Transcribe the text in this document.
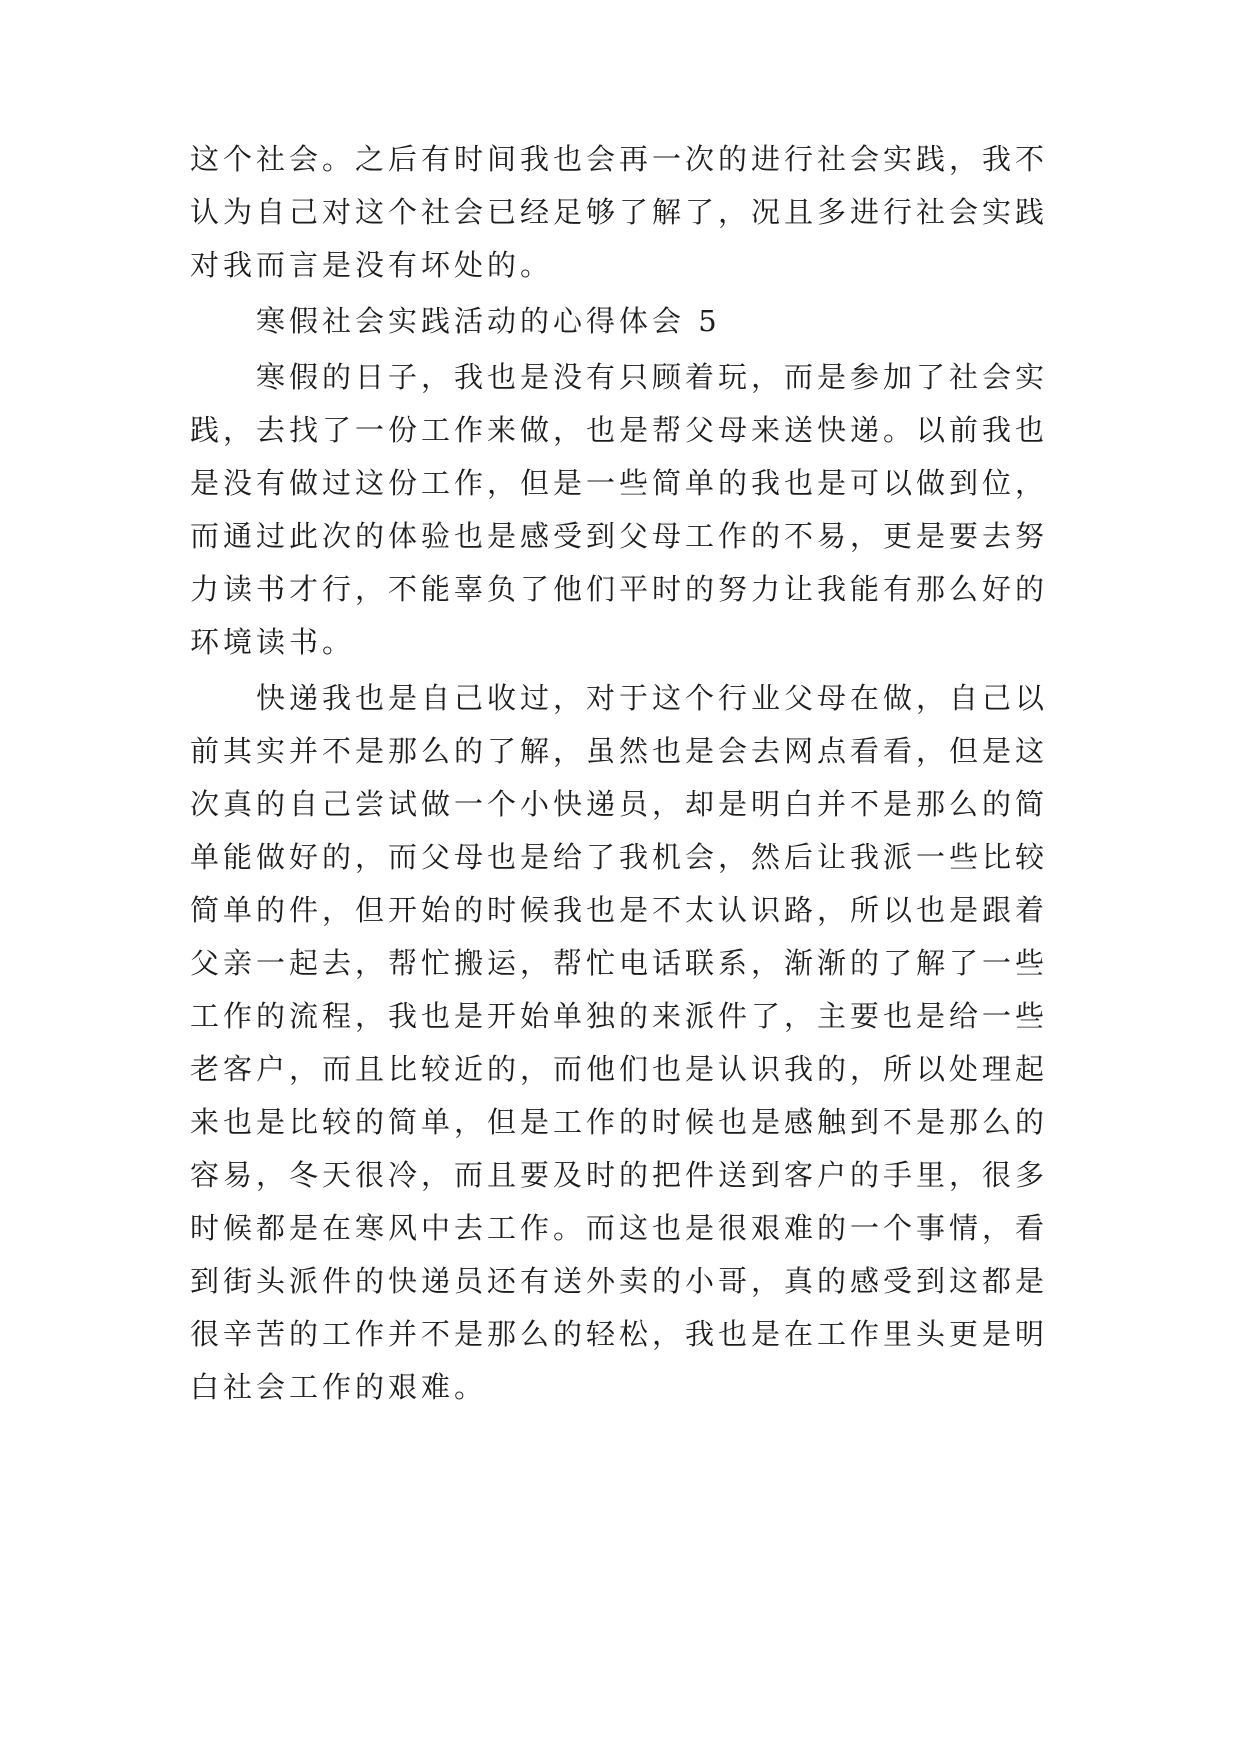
这个社会。之后有时间我也会再一次的进行社会实践，我不
认为自己对这个社会已经足够了解了，况且多进行社会实践
对我而言是没有坏处的。
寒假社会实践活动的心得体会 5
寒假的日子，我也是没有只顾着玩，而是参加了社会实
践，去找了一份工作来做，也是帮父母来送快递。以前我也
是没有做过这份工作，但是一些简单的我也是可以做到位，
而通过此次的体验也是感受到父母工作的不易，更是要去努
力读书才行，不能辜负了他们平时的努力让我能有那么好的
环境读书。
快递我也是自己收过，对于这个行业父母在做，自己以
前其实并不是那么的了解，虽然也是会去网点看看，但是这
次真的自己尝试做一个小快递员，却是明白并不是那么的简
单能做好的，而父母也是给了我机会，然后让我派一些比较
简单的件，但开始的时候我也是不太认识路，所以也是跟着
父亲一起去，帮忙搬运，帮忙电话联系，渐渐的了解了一些
工作的流程，我也是开始单独的来派件了，主要也是给一些
老客户，而且比较近的，而他们也是认识我的，所以处理起
来也是比较的简单，但是工作的时候也是感触到不是那么的
容易，冬天很冷，而且要及时的把件送到客户的手里，很多
时候都是在寒风中去工作。而这也是很艰难的一个事情，看
到街头派件的快递员还有送外卖的小哥，真的感受到这都是
很辛苦的工作并不是那么的轻松，我也是在工作里头更是明
白社会工作的艰难。
